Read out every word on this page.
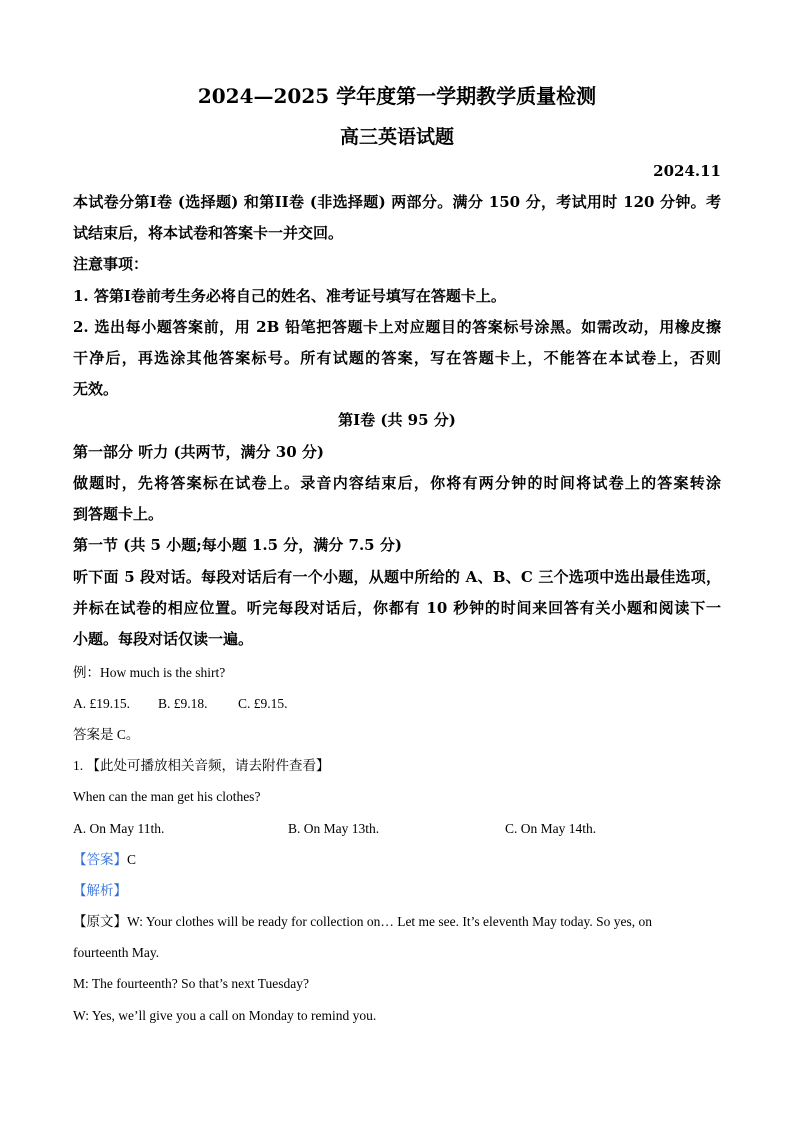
2024—2025 学年度第一学期教学质量检测
高三英语试题
2024.11
本试卷分第I卷 (选择题) 和第II卷 (非选择题) 两部分。满分 150 分，考试用时 120 分钟。考
试结束后，将本试卷和答案卡一并交回。
注意事项：
1. 答第I卷前考生务必将自己的姓名、准考证号填写在答题卡上。
2. 选出每小题答案前，用 2B 铅笔把答题卡上对应题目的答案标号涂黑。如需改动，用橡皮擦
干净后，再选涂其他答案标号。所有试题的答案，写在答题卡上，不能答在本试卷上，否则
无效。
第I卷 (共 95 分)
第一部分 听力 (共两节，满分 30 分)
做题时，先将答案标在试卷上。录音内容结束后，你将有两分钟的时间将试卷上的答案转涂
到答题卡上。
第一节 (共 5 小题;每小题 1.5 分，满分 7.5 分)
听下面 5 段对话。每段对话后有一个小题，从题中所给的 A、B、C 三个选项中选出最佳选项，
并标在试卷的相应位置。听完每段对话后，你都有 10 秒钟的时间来回答有关小题和阅读下一
小题。每段对话仅读一遍。
例：How much is the shirt?
A. £19.15. B. £9.18. C. £9.15.
答案是 C。
1. 【此处可播放相关音频，请去附件查看】
When can the man get his clothes?
A. On May 11th.	B. On May 13th.	C. On May 14th.
【答案】C
【解析】
【原文】W: Your clothes will be ready for collection on… Let me see. It’s eleventh May today. So yes, on
fourteenth May.
M: The fourteenth? So that’s next Tuesday?
W: Yes, we’ll give you a call on Monday to remind you.
